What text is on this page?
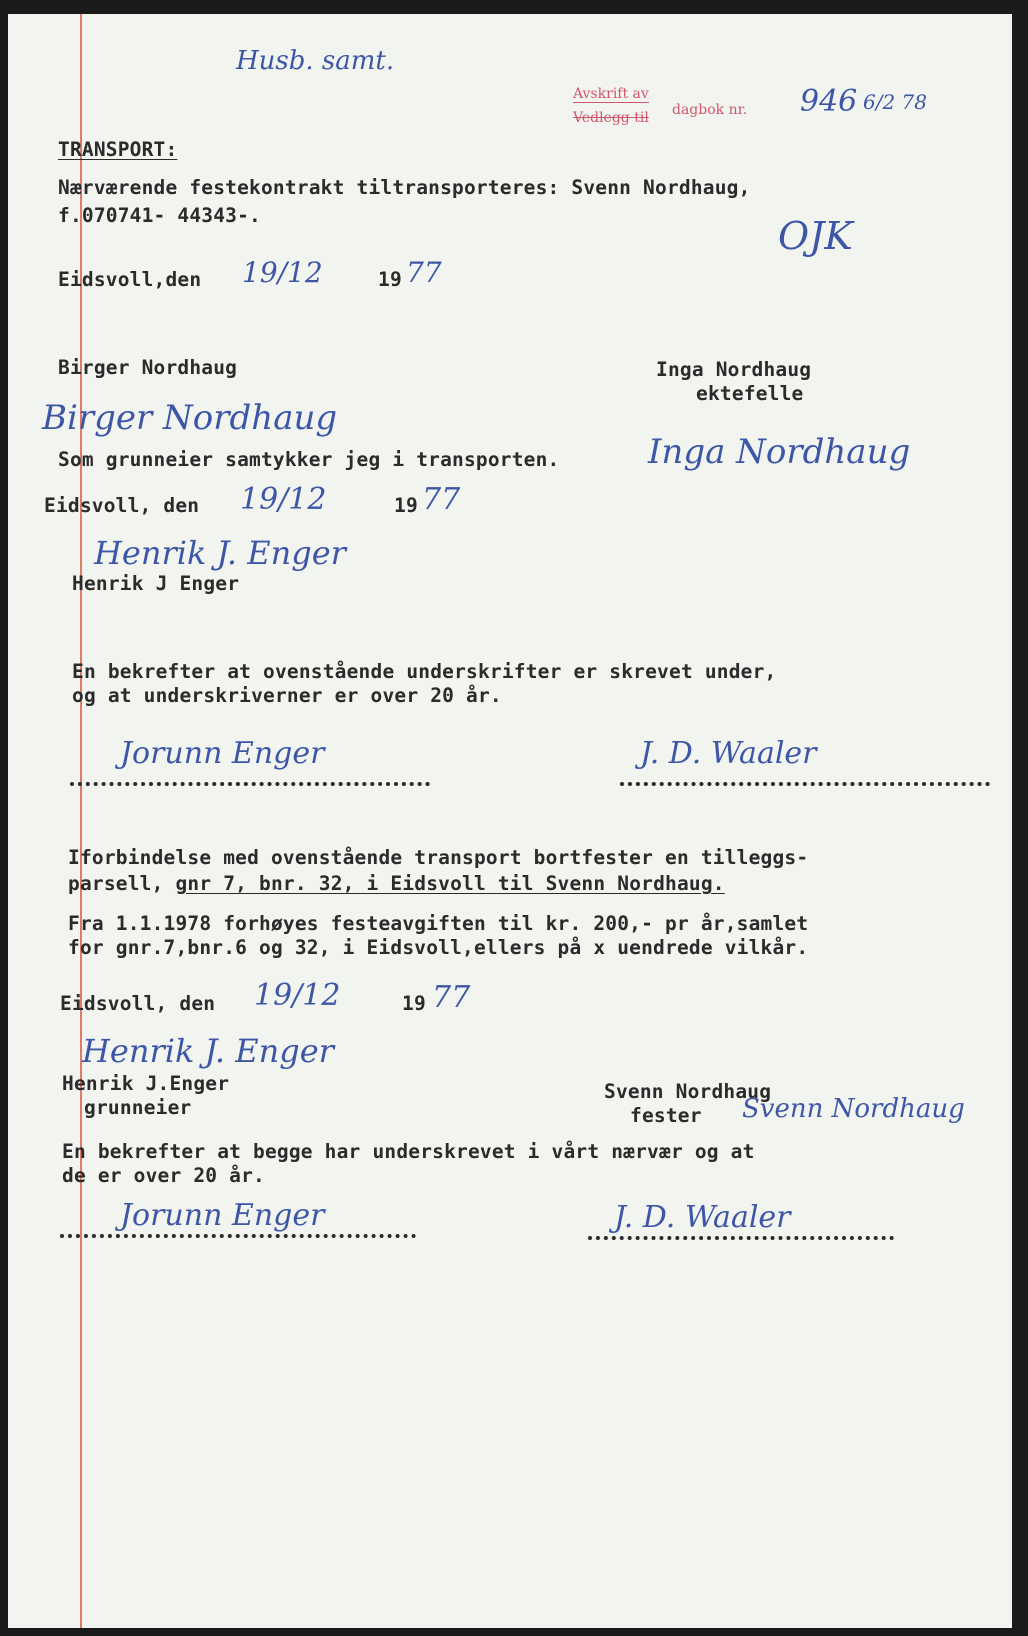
Husb. samt.

Avskrift av
Vedlegg til dagbok nr. 946 6/2 78

TRANSPORT:

Nærværende festekontrakt tiltransporteres: Svenn Nordhaug,

f.070741- 44343-.	OJK

Eidsvoll,den 19/12	19 77

Birger Nordhaug	Inga Nordhaug

ektefelle

Birger Nordhaug

Inga Nordhaug

Som grunneier samtykker jeg i transporten.

Eidsvoll, den 19/12	19 77

Henrik J. Enger

Henrik J Enger

En bekrefter at ovenstående underskrifter er skrevet under,

og at underskriverner er over 20 år.

Jorunn Enger	J. D. Waaler

Iforbindelse med ovenstående transport bortfester en tilleggs-

parsell, gnr 7, bnr. 32, i Eidsvoll til Svenn Nordhaug.

Fra 1.1.1978 forhøyes festeavgiften til kr. 200,- pr år,samlet

for gnr.7,bnr.6 og 32, i Eidsvoll,ellers på x uendrede vilkår.

Eidsvoll, den 19/12	19 77

Henrik J. Enger

Henrik J.Enger

grunneier

Svenn Nordhaug

fester Svenn Nordhaug

En bekrefter at begge har underskrevet i vårt nærvær og at

de er over 20 år.

Jorunn Enger	J. D. Waaler
